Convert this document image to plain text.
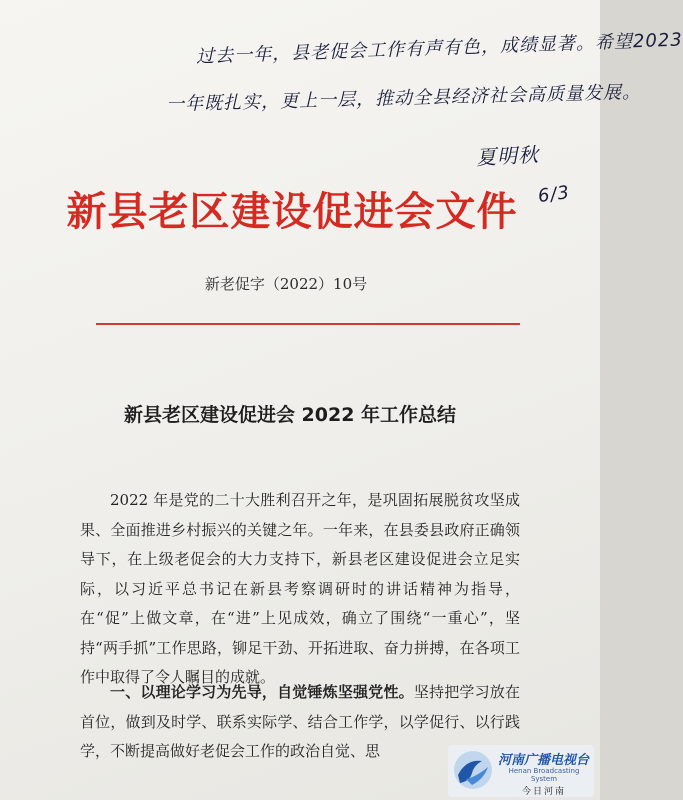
过去一年，县老促会工作有声有色，成绩显著。希望2023
一年既扎实，更上一层，推动全县经济社会高质量发展。
夏明秋
6/3
新县老区建设促进会文件
新老促字（2022）10号
新县老区建设促进会 2022 年工作总结

2022 年是党的二十大胜利召开之年，是巩固拓展脱贫攻坚成果、全面推进乡村振兴的关键之年。一年来，在县委县政府正确领导下，在上级老促会的大力支持下，新县老区建设促进会立足实际，以习近平总书记在新县考察调研时的讲话精神为指导，在“促”上做文章，在“进”上见成效，确立了围绕“一重心”，坚持“两手抓”工作思路，铆足干劲、开拓进取、奋力拼搏，在各项工作中取得了令人瞩目的成就。

一、以理论学习为先导，自觉锤炼坚强党性。坚持把学习放在首位，做到及时学、联系实际学、结合工作学，以学促行、以行践学，不断提高做好老促会工作的政治自觉、思

河南广播电视台
Henan Broadcasting System
今日河南
